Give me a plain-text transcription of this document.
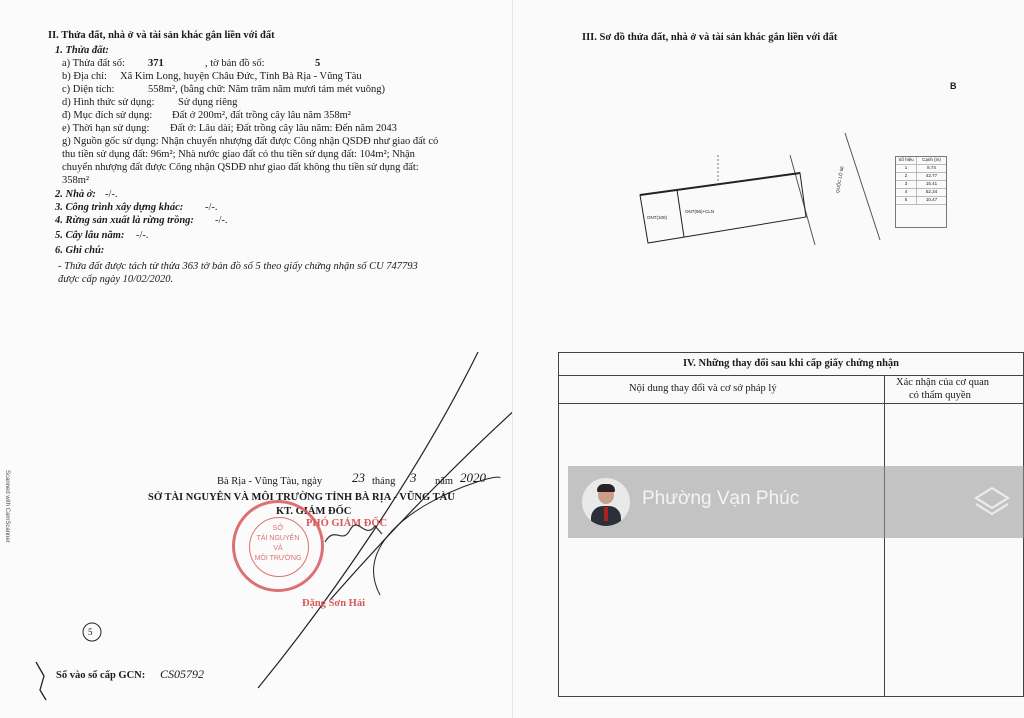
II. Thửa đất, nhà ở và tài sản khác gắn liền với đất
1. Thửa đất:
a) Thửa đất số: 371	, tờ bản đồ số:	5
b) Địa chỉ: Xã Kim Long, huyện Châu Đức, Tỉnh Bà Rịa - Vũng Tàu
c) Diện tích:	558m², (bằng chữ: Năm trăm năm mươi tám mét vuông)
d) Hình thức sử dụng: Sử dụng riêng
đ) Mục đích sử dụng: Đất ở 200m², đất trồng cây lâu năm 358m²
e) Thời hạn sử dụng: Đất ở: Lâu dài; Đất trồng cây lâu năm: Đến năm 2043
g) Nguồn gốc sử dụng: Nhận chuyển nhượng đất được Công nhận QSDĐ như giao đất có
thu tiền sử dụng đất: 96m²; Nhà nước giao đất có thu tiền sử dụng đất: 104m²; Nhận
chuyển nhượng đất được Công nhận QSDĐ như giao đất không thu tiền sử dụng đất:
358m²
2. Nhà ở: -/-.
3. Công trình xây dựng khác: -/-.
4. Rừng sản xuất là rừng trồng: -/-.
5. Cây lâu năm: -/-.
6. Ghi chú:
- Thửa đất được tách từ thửa 363 tờ bản đồ số 5 theo giấy chứng nhận số CU 747793
được cấp ngày 10/02/2020.
Bà Rịa - Vũng Tàu, ngày 23 tháng 3 năm 2020
SỞ TÀI NGUYÊN VÀ MÔI TRƯỜNG TỈNH BÀ RỊA - VŨNG TÀU
KT. GIÁM ĐỐC
PHÓ GIÁM ĐỐC
SỞ
TÀI NGUYÊN
VÀ
MÔI TRƯỜNG
Đặng Sơn Hải
5
Số vào sổ cấp GCN: CS05792
Scanned with CamScanner
III. Sơ đồ thửa đất, nhà ở và tài sản khác gắn liền với đất
ONT(100)
ONT(96)+CLN
QUỐC LỘ 56
B
Số hiệu	Cạnh (m)
1	8.74
2	42.77
3	15.41
4	52.34
5	10.47
IV. Những thay đổi sau khi cấp giấy chứng nhận
Nội dung thay đổi và cơ sở pháp lý
Xác nhận của cơ quan
có thẩm quyền
Phường Vạn Phúc
